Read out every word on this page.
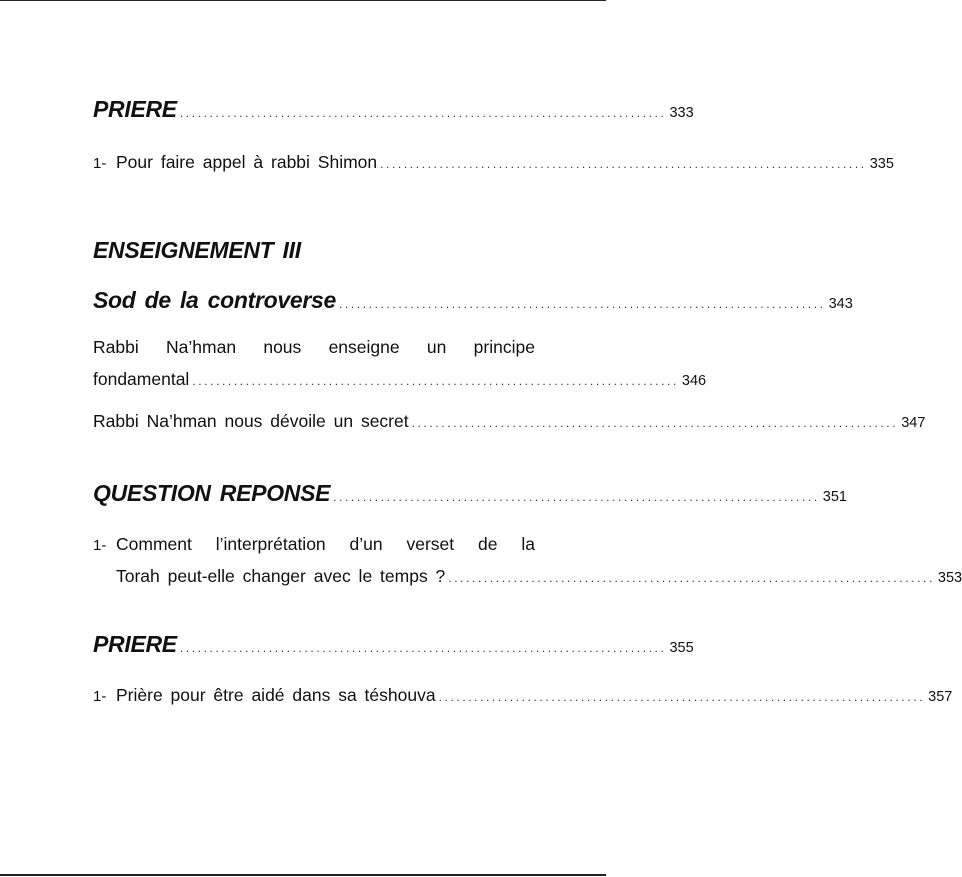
PRIERE .................................................................................. 333
1- Pour faire appel à rabbi Shimon .................................................................................. 335
ENSEIGNEMENT III
Sod de la controverse .................................................................................. 343
Rabbi Na’hman nous enseigne un principe
fondamental .................................................................................. 346
Rabbi Na’hman nous dévoile un secret .................................................................................. 347
QUESTION REPONSE .................................................................................. 351
1- Comment l’interprétation d’un verset de la
Torah peut-elle changer avec le temps ? .................................................................................. 353
PRIERE .................................................................................. 355
1- Prière pour être aidé dans sa téshouva .................................................................................. 357
